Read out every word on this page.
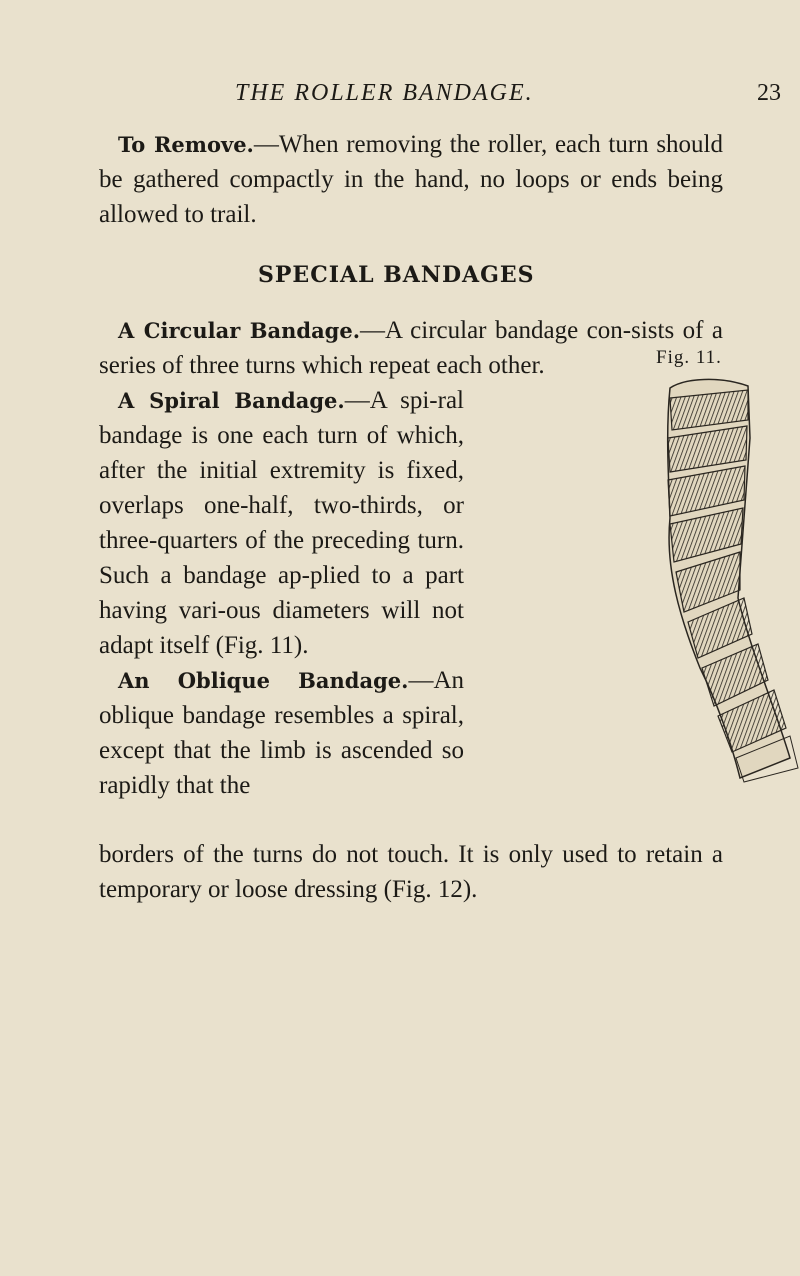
THE ROLLER BANDAGE.	23
To Remove.—When removing the roller, each turn should be gathered compactly in the hand, no loops or ends being allowed to trail.
SPECIAL BANDAGES
A Circular Bandage.—A circular bandage con-sists of a series of three turns which repeat each other.	Fig. 11.
A Spiral Bandage.—A spi-ral bandage is one each turn of which, after the initial extremity is fixed, overlaps one-half, two-thirds, or three-quarters of the preceding turn. Such a bandage ap-plied to a part having vari-ous diameters will not adapt itself (Fig. 11).
An Oblique Bandage.—An oblique bandage resembles a spiral, except that the limb is ascended so rapidly that the
borders of the turns do not touch. It is only used to retain a temporary or loose dressing (Fig. 12).
